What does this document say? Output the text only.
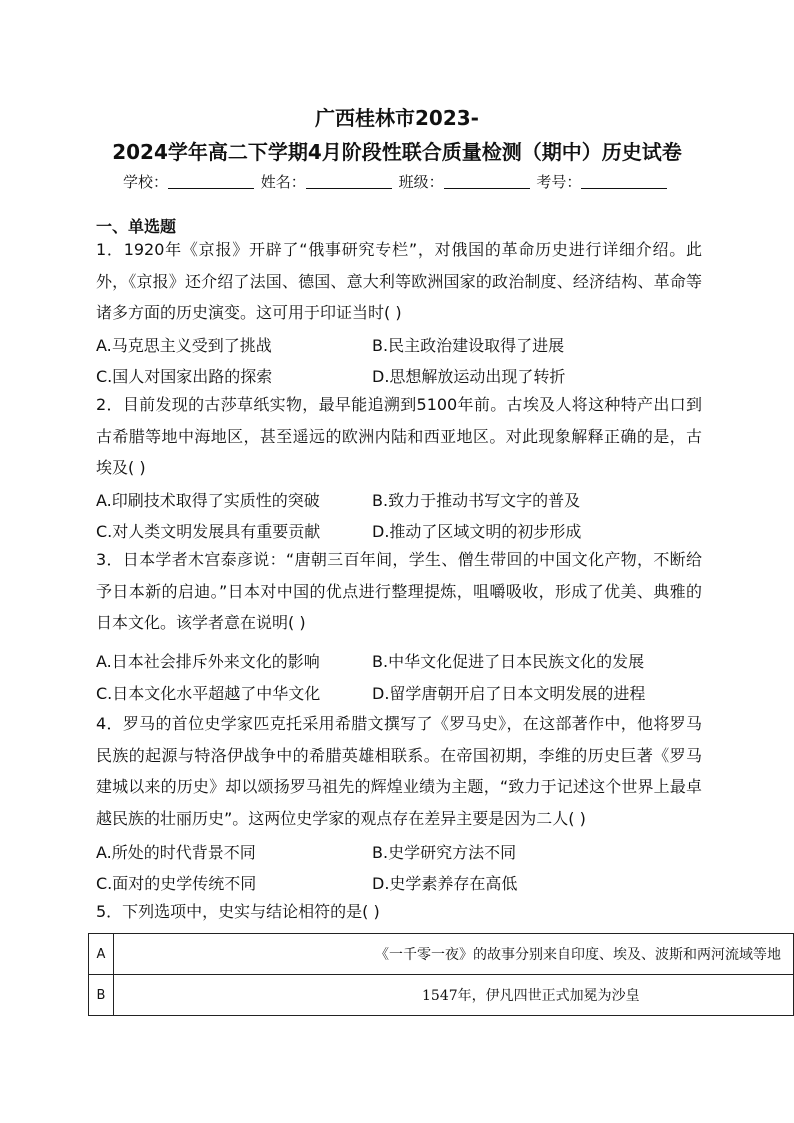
广西桂林市2023-
2024学年高二下学期4月阶段性联合质量检测（期中）历史试卷
学校：	姓名：	班级：	考号：
一、单选题
1．1920年《京报》开辟了“俄事研究专栏”，对俄国的革命历史进行详细介绍。此外，《京报》还介绍了法国、德国、意大利等欧洲国家的政治制度、经济结构、革命等诸多方面的历史演变。这可用于印证当时( )
A.马克思主义受到了挑战	B.民主政治建设取得了进展
C.国人对国家出路的探索	D.思想解放运动出现了转折
2．目前发现的古莎草纸实物，最早能追溯到5100年前。古埃及人将这种特产出口到古希腊等地中海地区，甚至遥远的欧洲内陆和西亚地区。对此现象解释正确的是，古埃及( )
A.印刷技术取得了实质性的突破	B.致力于推动书写文字的普及
C.对人类文明发展具有重要贡献	D.推动了区域文明的初步形成
3．日本学者木宫泰彦说：“唐朝三百年间，学生、僧生带回的中国文化产物，不断给予日本新的启迪。”日本对中国的优点进行整理提炼，咀嚼吸收，形成了优美、典雅的日本文化。该学者意在说明( )
A.日本社会排斥外来文化的影响	B.中华文化促进了日本民族文化的发展
C.日本文化水平超越了中华文化	D.留学唐朝开启了日本文明发展的进程
4．罗马的首位史学家匹克托采用希腊文撰写了《罗马史》，在这部著作中，他将罗马民族的起源与特洛伊战争中的希腊英雄相联系。在帝国初期，李维的历史巨著《罗马建城以来的历史》却以颂扬罗马祖先的辉煌业绩为主题，“致力于记述这个世界上最卓越民族的壮丽历史”。这两位史学家的观点存在差异主要是因为二人( )
A.所处的时代背景不同	B.史学研究方法不同
C.面对的史学传统不同	D.史学素养存在高低
5．下列选项中，史实与结论相符的是( )
A	《一千零一夜》的故事分别来自印度、埃及、波斯和两河流域等地
B	1547年，伊凡四世正式加冕为沙皇
